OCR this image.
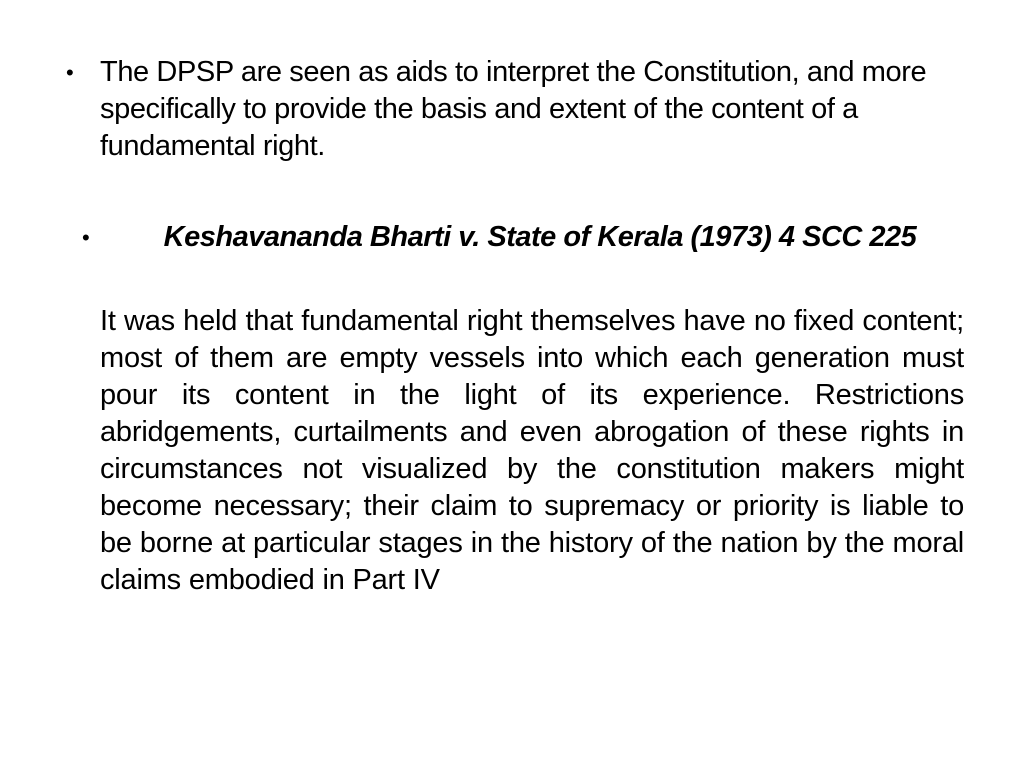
• The DPSP are seen as aids to interpret the Constitution, and more specifically to provide the basis and extent of the content of a fundamental right.
•	Keshavananda Bharti v. State of Kerala (1973) 4 SCC 225
It was held that fundamental right themselves have no fixed content; most of them are empty vessels into which each generation must pour its content in the light of its experience. Restrictions abridgements, curtailments and even abrogation of these rights in circumstances not visualized by the constitution makers might become necessary; their claim to supremacy or priority is liable to be borne at particular stages in the history of the nation by the moral claims embodied in Part IV
